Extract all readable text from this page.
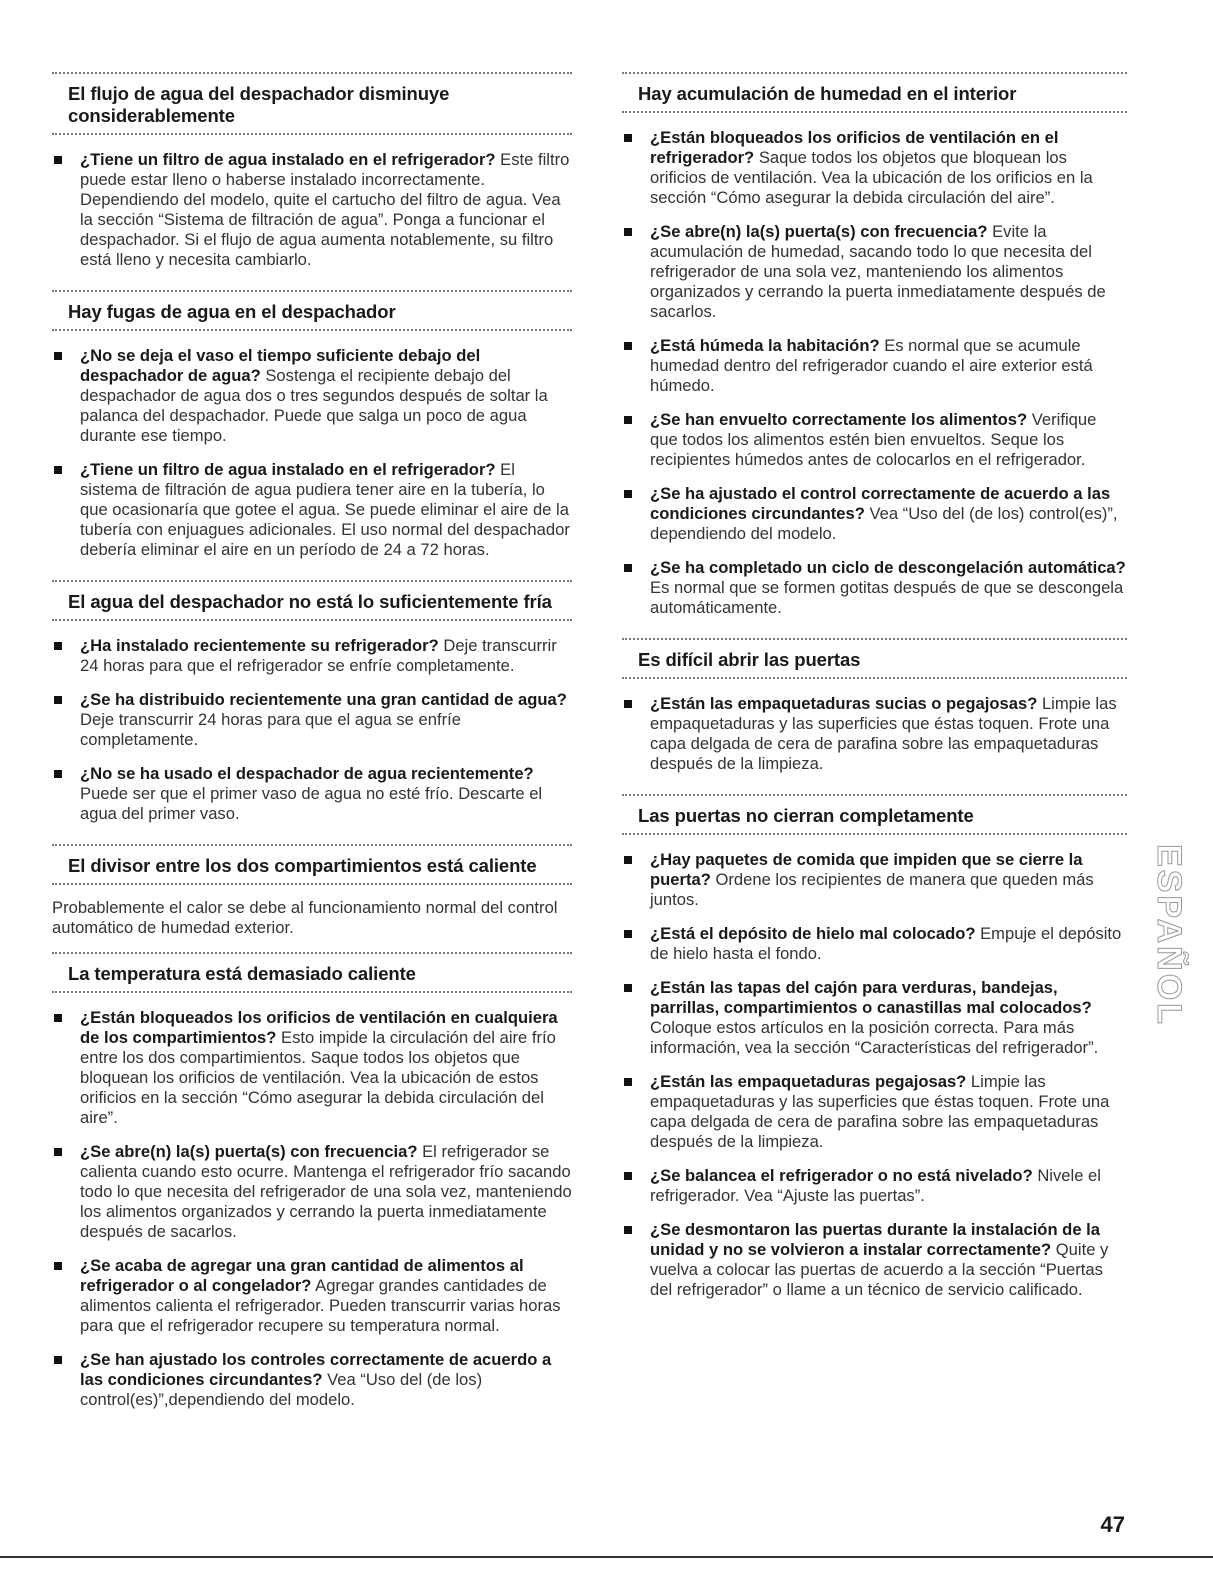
El flujo de agua del despachador disminuye considerablemente
¿Tiene un filtro de agua instalado en el refrigerador? Este filtro puede estar lleno o haberse instalado incorrectamente. Dependiendo del modelo, quite el cartucho del filtro de agua. Vea la sección “Sistema de filtración de agua”. Ponga a funcionar el despachador. Si el flujo de agua aumenta notablemente, su filtro está lleno y necesita cambiarlo.
Hay fugas de agua en el despachador
¿No se deja el vaso el tiempo suficiente debajo del despachador de agua? Sostenga el recipiente debajo del despachador de agua dos o tres segundos después de soltar la palanca del despachador. Puede que salga un poco de agua durante ese tiempo.
¿Tiene un filtro de agua instalado en el refrigerador? El sistema de filtración de agua pudiera tener aire en la tubería, lo que ocasionaría que gotee el agua. Se puede eliminar el aire de la tubería con enjuagues adicionales. El uso normal del despachador debería eliminar el aire en un período de 24 a 72 horas.
El agua del despachador no está lo suficientemente fría
¿Ha instalado recientemente su refrigerador? Deje transcurrir 24 horas para que el refrigerador se enfríe completamente.
¿Se ha distribuido recientemente una gran cantidad de agua? Deje transcurrir 24 horas para que el agua se enfríe completamente.
¿No se ha usado el despachador de agua recientemente? Puede ser que el primer vaso de agua no esté frío. Descarte el agua del primer vaso.
El divisor entre los dos compartimientos está caliente
Probablemente el calor se debe al funcionamiento normal del control automático de humedad exterior.
La temperatura está demasiado caliente
¿Están bloqueados los orificios de ventilación en cualquiera de los compartimientos? Esto impide la circulación del aire frío entre los dos compartimientos. Saque todos los objetos que bloquean los orificios de ventilación. Vea la ubicación de estos orificios en la sección “Cómo asegurar la debida circulación del aire”.
¿Se abre(n) la(s) puerta(s) con frecuencia? El refrigerador se calienta cuando esto ocurre. Mantenga el refrigerador frío sacando todo lo que necesita del refrigerador de una sola vez, manteniendo los alimentos organizados y cerrando la puerta inmediatamente después de sacarlos.
¿Se acaba de agregar una gran cantidad de alimentos al refrigerador o al congelador? Agregar grandes cantidades de alimentos calienta el refrigerador. Pueden transcurrir varias horas para que el refrigerador recupere su temperatura normal.
¿Se han ajustado los controles correctamente de acuerdo a las condiciones circundantes? Vea “Uso del (de los) control(es)”,dependiendo del modelo.
Hay acumulación de humedad en el interior
¿Están bloqueados los orificios de ventilación en el refrigerador? Saque todos los objetos que bloquean los orificios de ventilación. Vea la ubicación de los orificios en la sección “Cómo asegurar la debida circulación del aire”.
¿Se abre(n) la(s) puerta(s) con frecuencia? Evite la acumulación de humedad, sacando todo lo que necesita del refrigerador de una sola vez, manteniendo los alimentos organizados y cerrando la puerta inmediatamente después de sacarlos.
¿Está húmeda la habitación? Es normal que se acumule humedad dentro del refrigerador cuando el aire exterior está húmedo.
¿Se han envuelto correctamente los alimentos? Verifique que todos los alimentos estén bien envueltos. Seque los recipientes húmedos antes de colocarlos en el refrigerador.
¿Se ha ajustado el control correctamente de acuerdo a las condiciones circundantes? Vea “Uso del (de los) control(es)”, dependiendo del modelo.
¿Se ha completado un ciclo de descongelación automática? Es normal que se formen gotitas después de que se descongela automáticamente.
Es difícil abrir las puertas
¿Están las empaquetaduras sucias o pegajosas? Limpie las empaquetaduras y las superficies que éstas toquen. Frote una capa delgada de cera de parafina sobre las empaquetaduras después de la limpieza.
Las puertas no cierran completamente
¿Hay paquetes de comida que impiden que se cierre la puerta? Ordene los recipientes de manera que queden más juntos.
¿Está el depósito de hielo mal colocado? Empuje el depósito de hielo hasta el fondo.
¿Están las tapas del cajón para verduras, bandejas, parrillas, compartimientos o canastillas mal colocados? Coloque estos artículos en la posición correcta. Para más información, vea la sección “Características del refrigerador”.
¿Están las empaquetaduras pegajosas? Limpie las empaquetaduras y las superficies que éstas toquen. Frote una capa delgada de cera de parafina sobre las empaquetaduras después de la limpieza.
¿Se balancea el refrigerador o no está nivelado? Nivele el refrigerador. Vea “Ajuste las puertas”.
¿Se desmontaron las puertas durante la instalación de la unidad y no se volvieron a instalar correctamente? Quite y vuelva a colocar las puertas de acuerdo a la sección “Puertas del refrigerador” o llame a un técnico de servicio calificado.
ESPAÑOL
47
